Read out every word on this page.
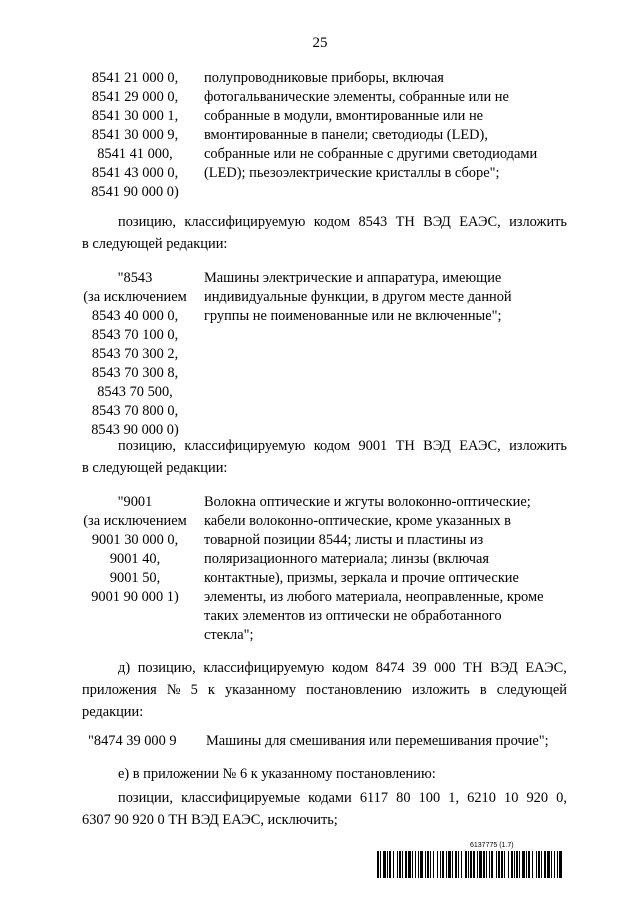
25
8541 21 000 0,
8541 29 000 0,
8541 30 000 1,
8541 30 000 9,
8541 41 000,
8541 43 000 0,
8541 90 000 0)
полупроводниковые приборы, включая
фотогальванические элементы, собранные или не
собранные в модули, вмонтированные или не
вмонтированные в панели; светодиоды (LED),
собранные или не собранные с другими светодиодами
(LED); пьезоэлектрические кристаллы в сборе";
позицию, классифицируемую кодом 8543 ТН ВЭД ЕАЭС, изложить
в следующей редакции:
"8543
(за исключением
8543 40 000 0,
8543 70 100 0,
8543 70 300 2,
8543 70 300 8,
8543 70 500,
8543 70 800 0,
8543 90 000 0)
Машины электрические и аппаратура, имеющие
индивидуальные функции, в другом месте данной
группы не поименованные или не включенные";
позицию, классифицируемую кодом 9001 ТН ВЭД ЕАЭС, изложить
в следующей редакции:
"9001
(за исключением
9001 30 000 0,
9001 40,
9001 50,
9001 90 000 1)
Волокна оптические и жгуты волоконно-оптические;
кабели волоконно-оптические, кроме указанных в
товарной позиции 8544; листы и пластины из
поляризационного материала; линзы (включая
контактные), призмы, зеркала и прочие оптические
элементы, из любого материала, неоправленные, кроме
таких элементов из оптически не обработанного
стекла";
д) позицию, классифицируемую кодом 8474 39 000 ТН ВЭД ЕАЭС,
приложения № 5 к указанному постановлению изложить в следующей
редакции:
"8474 39 000 9	Машины для смешивания или перемешивания прочие";
е) в приложении № 6 к указанному постановлению:
позиции, классифицируемые кодами 6117 80 100 1, 6210 10 920 0,
6307 90 920 0 ТН ВЭД ЕАЭС, исключить;
6137775 (1.7)
